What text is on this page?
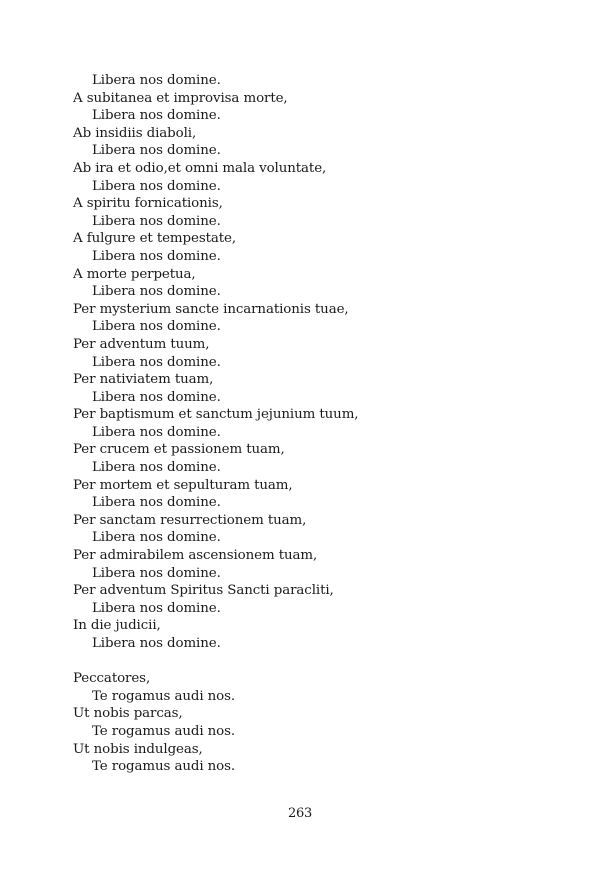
Libera nos domine.
A subitanea et improvisa morte,
Libera nos domine.
Ab insidiis diaboli,
Libera nos domine.
Ab ira et odio,et omni mala voluntate,
Libera nos domine.
A spiritu fornicationis,
Libera nos domine.
A fulgure et tempestate,
Libera nos domine.
A morte perpetua,
Libera nos domine.
Per mysterium sancte incarnationis tuae,
Libera nos domine.
Per adventum tuum,
Libera nos domine.
Per nativiatem tuam,
Libera nos domine.
Per baptismum et sanctum jejunium tuum,
Libera nos domine.
Per crucem et passionem tuam,
Libera nos domine.
Per mortem et sepulturam tuam,
Libera nos domine.
Per sanctam resurrectionem tuam,
Libera nos domine.
Per admirabilem ascensionem tuam,
Libera nos domine.
Per adventum Spiritus Sancti paracliti,
Libera nos domine.
In die judicii,
Libera nos domine.
Peccatores,
Te rogamus audi nos.
Ut nobis parcas,
Te rogamus audi nos.
Ut nobis indulgeas,
Te rogamus audi nos.
263
